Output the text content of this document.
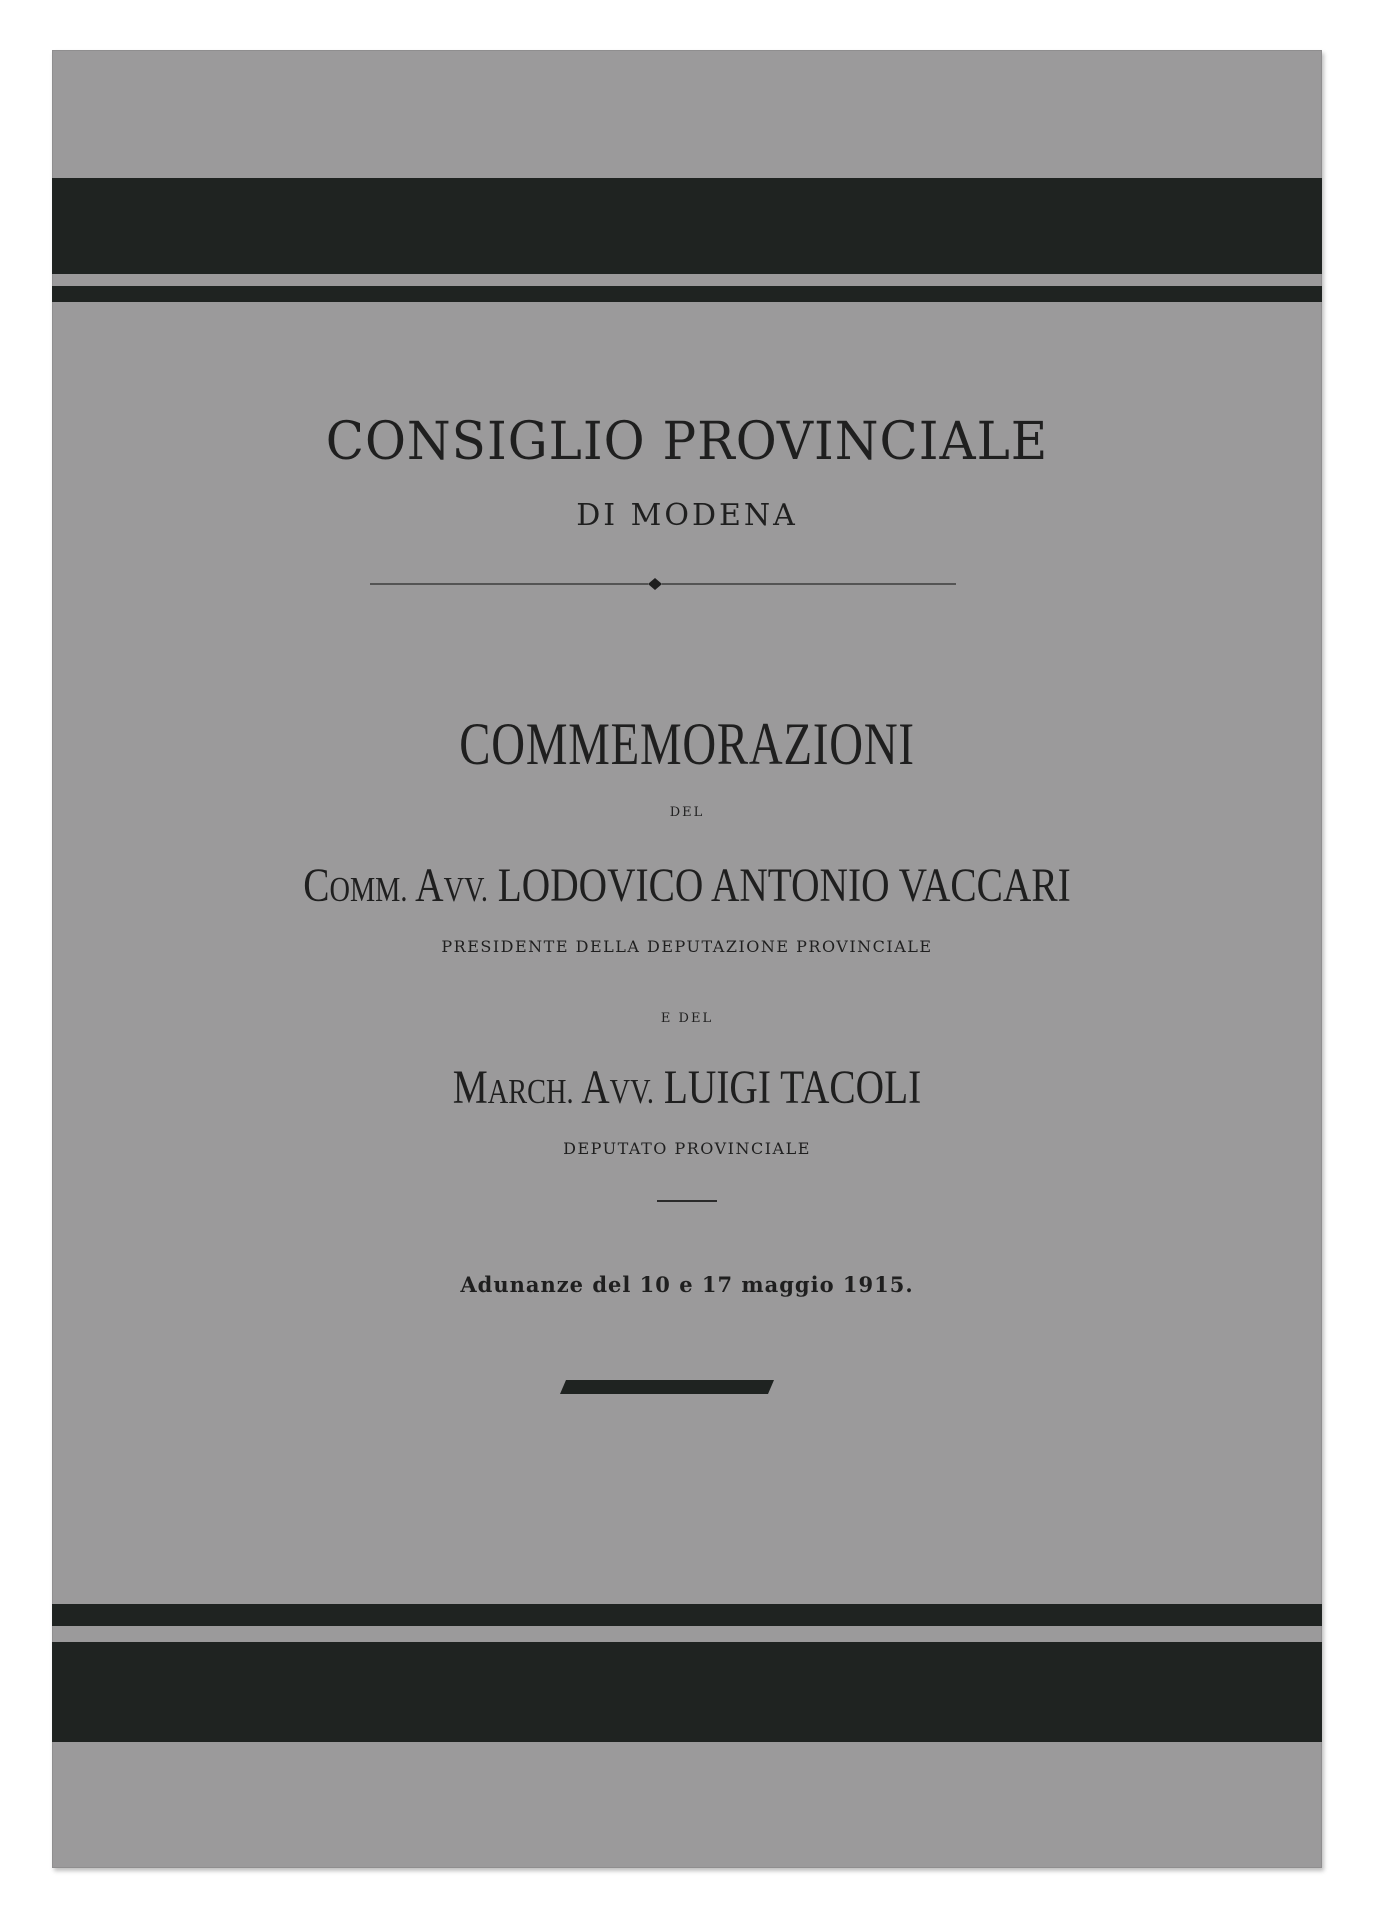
CONSIGLIO PROVINCIALE
DI MODENA
COMMEMORAZIONI
DEL
COMM. AVV. LODOVICO ANTONIO VACCARI
PRESIDENTE DELLA DEPUTAZIONE PROVINCIALE
E DEL
MARCH. AVV. LUIGI TACOLI
DEPUTATO PROVINCIALE
Adunanze del 10 e 17 maggio 1915.
